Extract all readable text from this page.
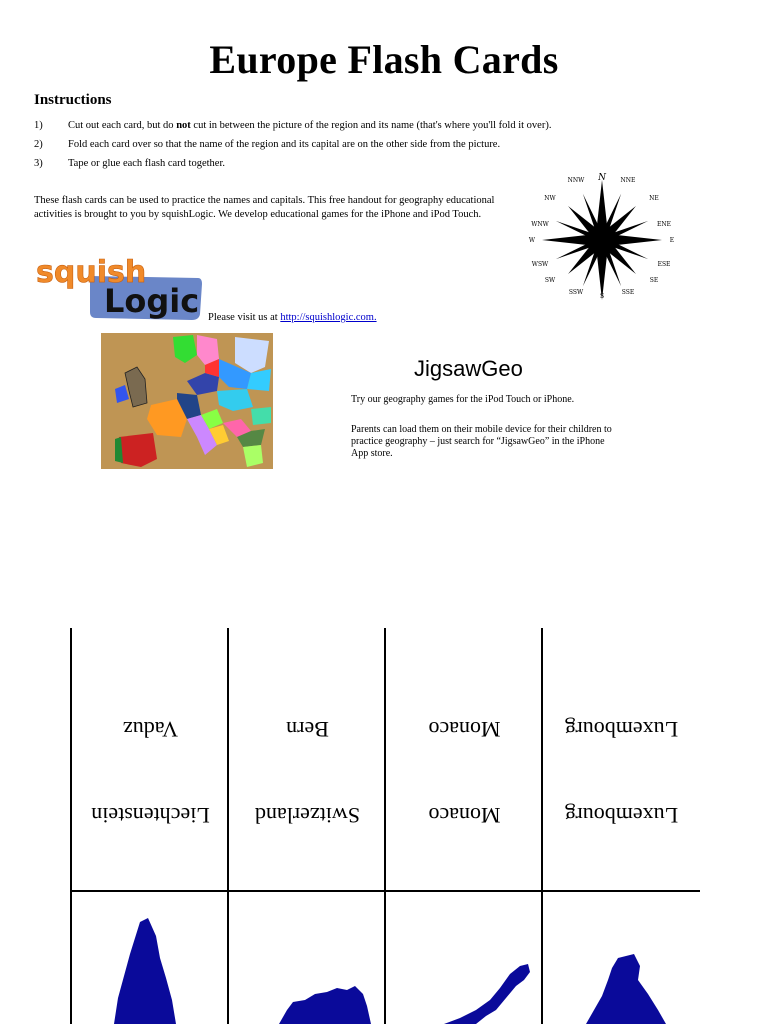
Europe Flash Cards
Instructions
1) Cut out each card, but do not cut in between the picture of the region and its name (that's where you'll fold it over).
2) Fold each card over so that the name of the region and its capital are on the other side from the picture.
3) Tape or glue each flash card together.
These flash cards can be used to practice the names and capitals. This free handout for geography educational activities is brought to you by squishLogic. We develop educational games for the iPhone and iPod Touch.
N NNE
NE
ENE
E
ESE
SE
SSE
S
SSW
SW
WSW
W
WNW
NW
NNW
squish
Logic Please visit us at http://squishlogic.com.
JigsawGeo
Try our geography games for the iPod Touch or iPhone.
Parents can load them on their mobile device for their children to practice geography – just search for “JigsawGeo” in the iPhone App store.
Liechtenstein
Vaduz
Switzerland
Bern
Monaco
Monaco
Luxembourg
Luxembourg
